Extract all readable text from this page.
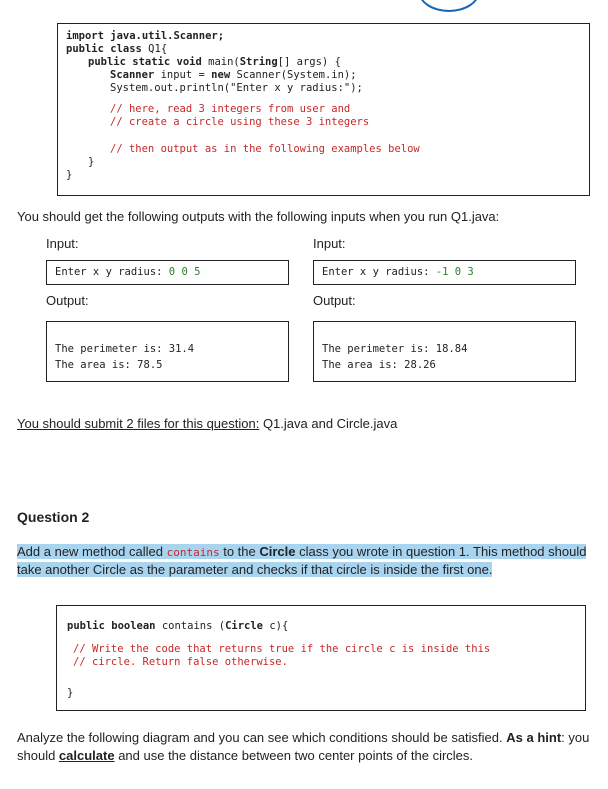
import java.util.Scanner;
public class Q1{
public static void main(String[] args) {
Scanner input = new Scanner(System.in);
System.out.println("Enter x y radius:");
// here, read 3 integers from user and
// create a circle using these 3 integers
// then output as in the following examples below
}
}
You should get the following outputs with the following inputs when you run Q1.java:
Input:
Enter x y radius: 0 0 5
Output:
The perimeter is: 31.4
The area is: 78.5
Input:
Enter x y radius: -1 0 3
Output:
The perimeter is: 18.84
The area is: 28.26
You should submit 2 files for this question: Q1.java and Circle.java
Question 2
Add a new method called contains to the Circle class you wrote in question 1. This method should
take another Circle as the parameter and checks if that circle is inside the first one.
public boolean contains (Circle c){
// Write the code that returns true if the circle c is inside this
// circle. Return false otherwise.
}
Analyze the following diagram and you can see which conditions should be satisfied. As a hint: you
should calculate and use the distance between two center points of the circles.
